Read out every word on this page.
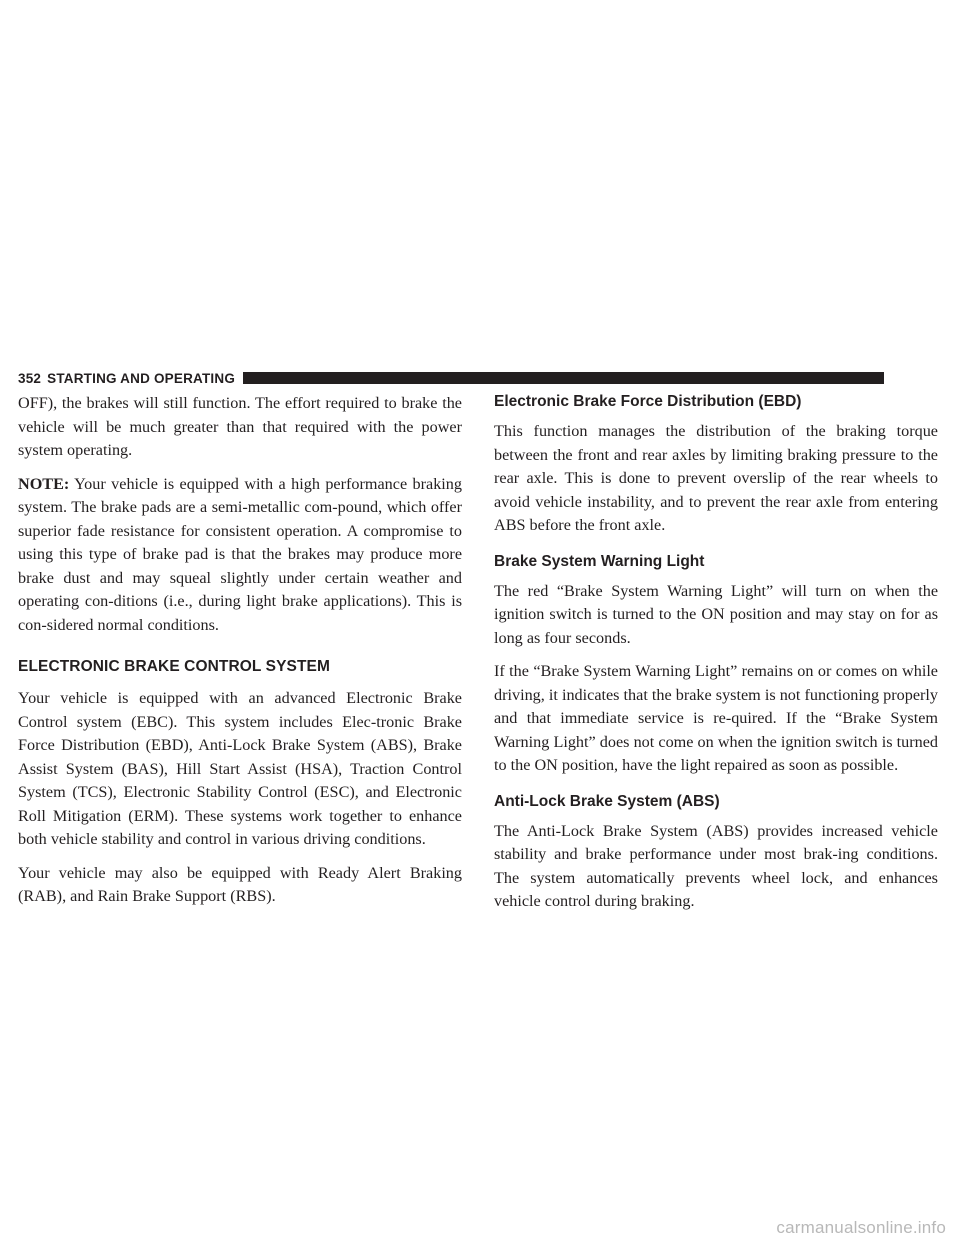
352 STARTING AND OPERATING

OFF), the brakes will still function. The effort required to brake the vehicle will be much greater than that required with the power system operating.

NOTE: Your vehicle is equipped with a high performance braking system. The brake pads are a semi-metallic com-pound, which offer superior fade resistance for consistent operation. A compromise to using this type of brake pad is that the brakes may produce more brake dust and may squeal slightly under certain weather and operating con-ditions (i.e., during light brake applications). This is con-sidered normal conditions.

ELECTRONIC BRAKE CONTROL SYSTEM

Your vehicle is equipped with an advanced Electronic Brake Control system (EBC). This system includes Elec-tronic Brake Force Distribution (EBD), Anti-Lock Brake System (ABS), Brake Assist System (BAS), Hill Start Assist (HSA), Traction Control System (TCS), Electronic Stability Control (ESC), and Electronic Roll Mitigation (ERM). These systems work together to enhance both vehicle stability and control in various driving conditions.

Your vehicle may also be equipped with Ready Alert Braking (RAB), and Rain Brake Support (RBS).

Electronic Brake Force Distribution (EBD)

This function manages the distribution of the braking torque between the front and rear axles by limiting braking pressure to the rear axle. This is done to prevent overslip of the rear wheels to avoid vehicle instability, and to prevent the rear axle from entering ABS before the front axle.

Brake System Warning Light

The red “Brake System Warning Light” will turn on when the ignition switch is turned to the ON position and may stay on for as long as four seconds.

If the “Brake System Warning Light” remains on or comes on while driving, it indicates that the brake system is not functioning properly and that immediate service is re-quired. If the “Brake System Warning Light” does not come on when the ignition switch is turned to the ON position, have the light repaired as soon as possible.

Anti-Lock Brake System (ABS)

The Anti-Lock Brake System (ABS) provides increased vehicle stability and brake performance under most brak-ing conditions. The system automatically prevents wheel lock, and enhances vehicle control during braking.

carmanualsonline.info
